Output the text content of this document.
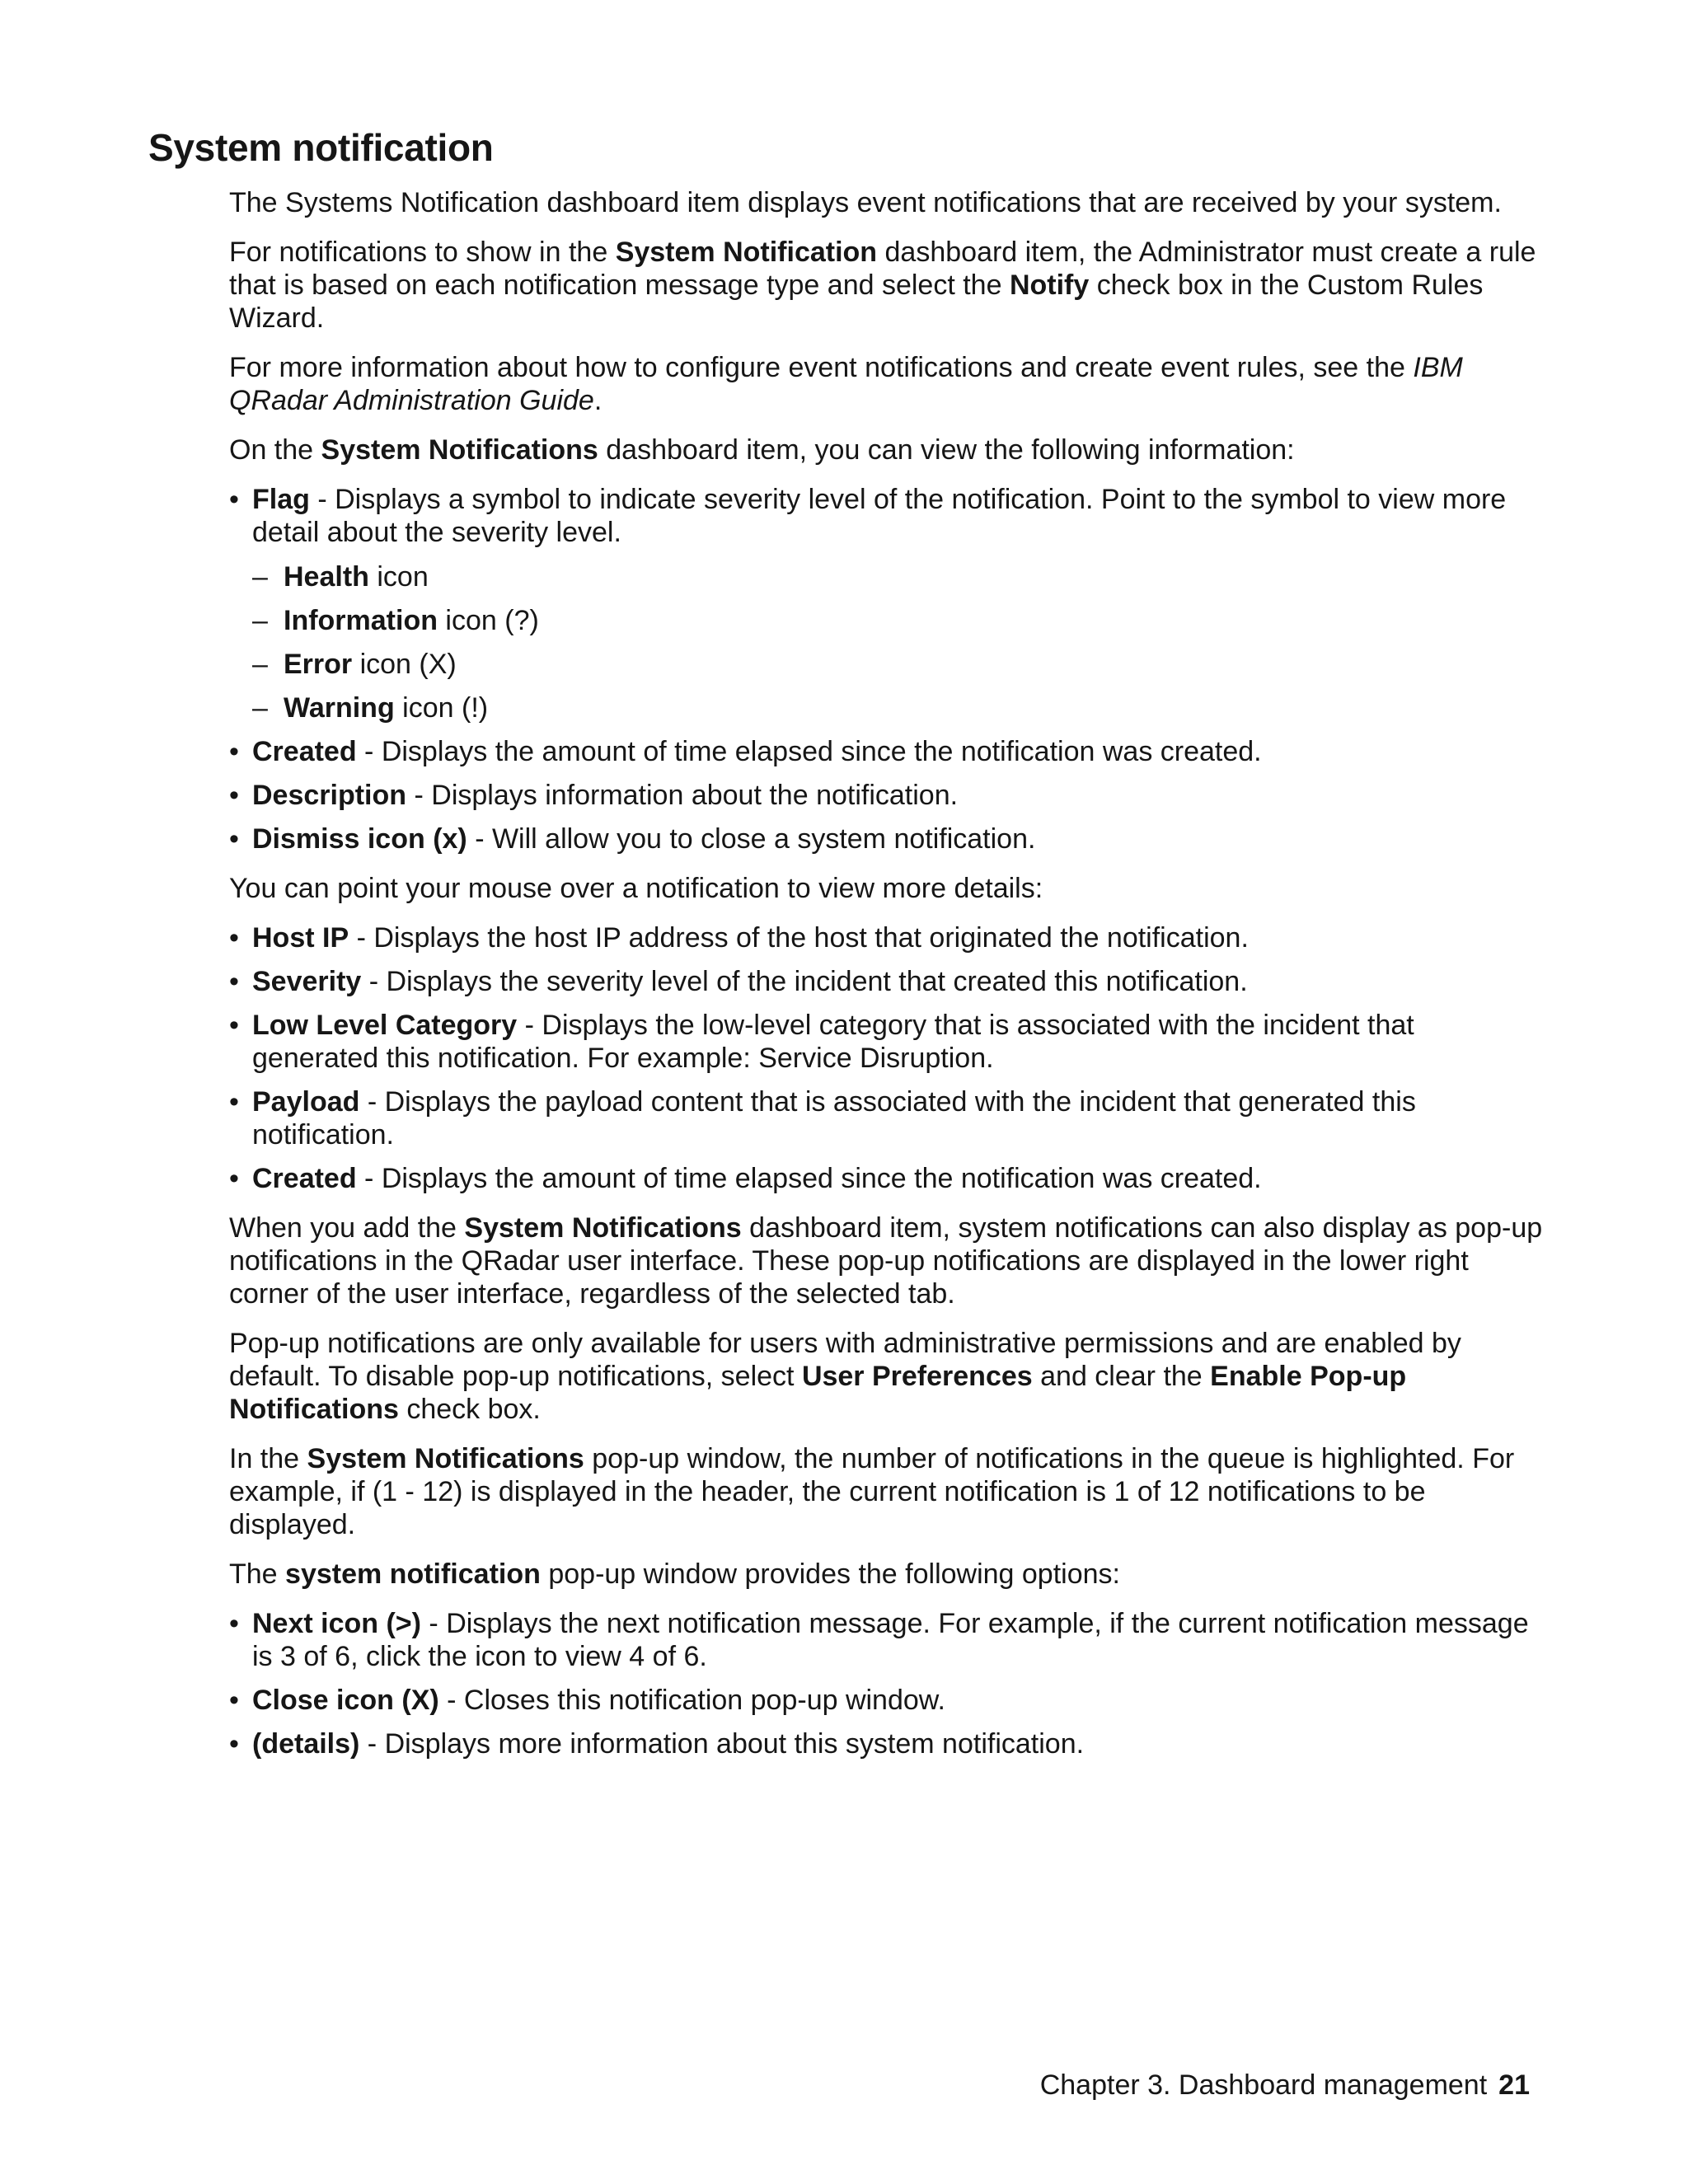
System notification

The Systems Notification dashboard item displays event notifications that are received by your system.

For notifications to show in the System Notification dashboard item, the Administrator must create a rule that is based on each notification message type and select the Notify check box in the Custom Rules Wizard.

For more information about how to configure event notifications and create event rules, see the IBM QRadar Administration Guide.

On the System Notifications dashboard item, you can view the following information:

• Flag - Displays a symbol to indicate severity level of the notification. Point to the symbol to view more detail about the severity level.
– Health icon
– Information icon (?)
– Error icon (X)
– Warning icon (!)
• Created - Displays the amount of time elapsed since the notification was created.
• Description - Displays information about the notification.
• Dismiss icon (x) - Will allow you to close a system notification.

You can point your mouse over a notification to view more details:

• Host IP - Displays the host IP address of the host that originated the notification.
• Severity - Displays the severity level of the incident that created this notification.
• Low Level Category - Displays the low-level category that is associated with the incident that generated this notification. For example: Service Disruption.
• Payload - Displays the payload content that is associated with the incident that generated this notification.
• Created - Displays the amount of time elapsed since the notification was created.

When you add the System Notifications dashboard item, system notifications can also display as pop-up notifications in the QRadar user interface. These pop-up notifications are displayed in the lower right corner of the user interface, regardless of the selected tab.

Pop-up notifications are only available for users with administrative permissions and are enabled by default. To disable pop-up notifications, select User Preferences and clear the Enable Pop-up Notifications check box.

In the System Notifications pop-up window, the number of notifications in the queue is highlighted. For example, if (1 - 12) is displayed in the header, the current notification is 1 of 12 notifications to be displayed.

The system notification pop-up window provides the following options:

• Next icon (>) - Displays the next notification message. For example, if the current notification message is 3 of 6, click the icon to view 4 of 6.
• Close icon (X) - Closes this notification pop-up window.
• (details) - Displays more information about this system notification.
Chapter 3. Dashboard management 21
